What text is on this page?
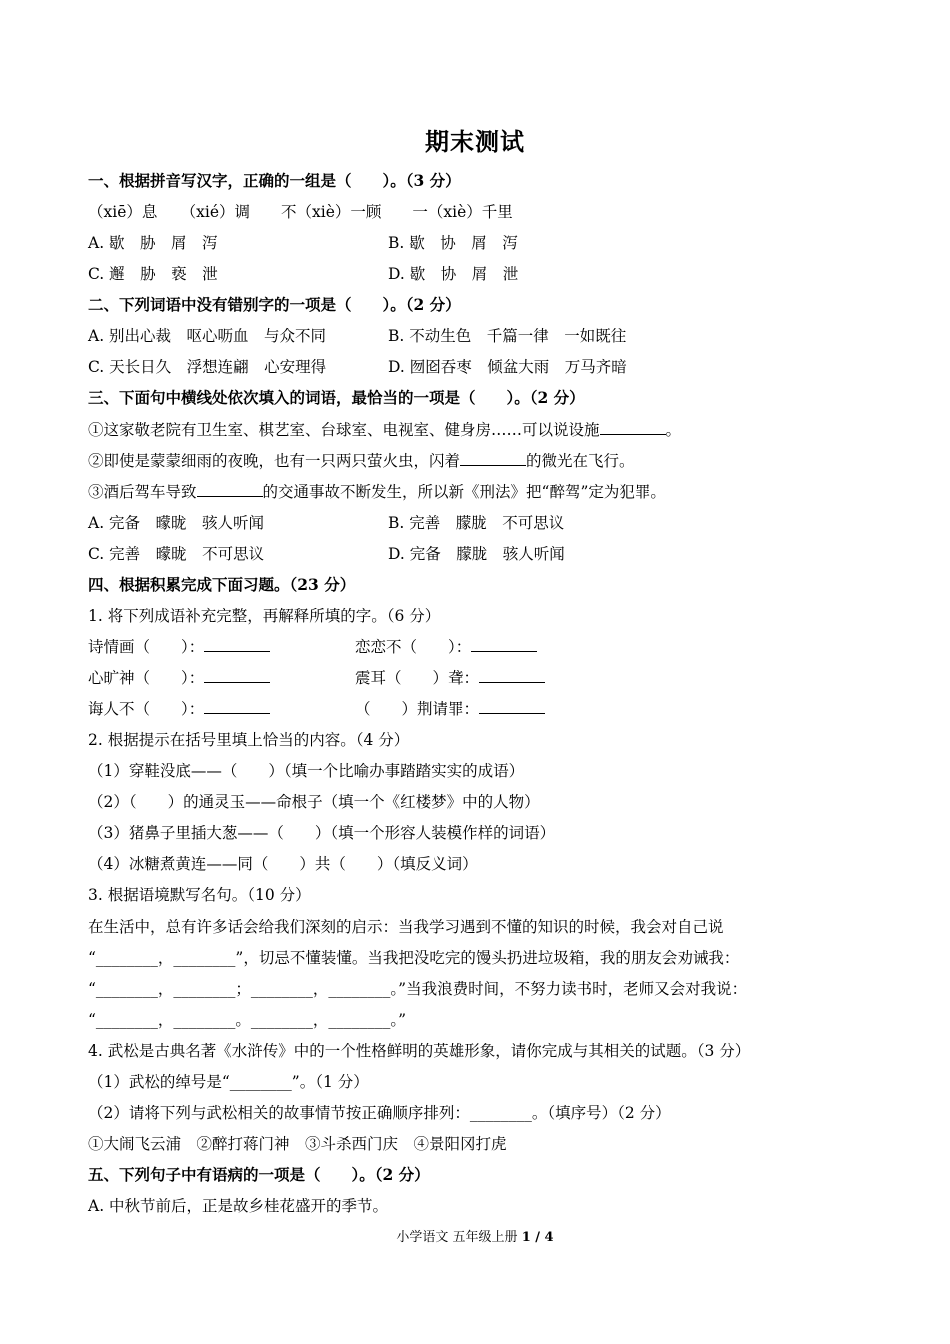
期末测试
一、根据拼音写汉字，正确的一组是（　　）。（3 分）
（xiē）息　　（xié）调　　不（xiè）一顾　　一（xiè）千里
A. 歇　胁　屑　泻	B. 歇　协　屑　泻
C. 邂　胁　亵　泄	D. 歇　协　屑　泄
二、下列词语中没有错别字的一项是（　　）。（2 分）
A. 别出心裁　呕心呖血　与众不同	B. 不动生色　千篇一律　一如既往
C. 天长日久　浮想连翩　心安理得	D. 囫囵吞枣　倾盆大雨　万马齐暗
三、下面句中横线处依次填入的词语，最恰当的一项是（　　）。（2 分）
①这家敬老院有卫生室、棋艺室、台球室、电视室、健身房……可以说设施	。
②即使是蒙蒙细雨的夜晚，也有一只两只萤火虫，闪着	的微光在飞行。
③酒后驾车导致	的交通事故不断发生，所以新《刑法》把“醉驾”定为犯罪。
A. 完备　曚昽　骇人听闻	B. 完善　朦胧　不可思议
C. 完善　曚昽　不可思议	D. 完备　朦胧　骇人听闻
四、根据积累完成下面习题。（23 分）
1. 将下列成语补充完整，再解释所填的字。（6 分）
诗情画（　　）：	恋恋不（　　）：
心旷神（　　）：	震耳（　　）聋：
诲人不（　　）：	（　　）荆请罪：
2. 根据提示在括号里填上恰当的内容。（4 分）
（1）穿鞋没底——（　　）（填一个比喻办事踏踏实实的成语）
（2）（　　）的通灵玉——命根子（填一个《红楼梦》中的人物）
（3）猪鼻子里插大葱——（　　）（填一个形容人装模作样的词语）
（4）冰糖煮黄连——同（　　）共（　　）（填反义词）
3. 根据语境默写名句。（10 分）
在生活中，总有许多话会给我们深刻的启示：当我学习遇到不懂的知识的时候，我会对自己说
“________，________”，切忌不懂装懂。当我把没吃完的馒头扔进垃圾箱，我的朋友会劝诫我：
“________，________；________，________。”当我浪费时间，不努力读书时，老师又会对我说：
“________，________。________，________。”
4. 武松是古典名著《水浒传》中的一个性格鲜明的英雄形象，请你完成与其相关的试题。（3 分）
（1）武松的绰号是“________”。（1 分）
（2）请将下列与武松相关的故事情节按正确顺序排列：________。（填序号）（2 分）
①大闹飞云浦　②醉打蒋门神　③斗杀西门庆　④景阳冈打虎
五、下列句子中有语病的一项是（　　）。（2 分）
A. 中秋节前后，正是故乡桂花盛开的季节。
小学语文 五年级上册 1 / 4
